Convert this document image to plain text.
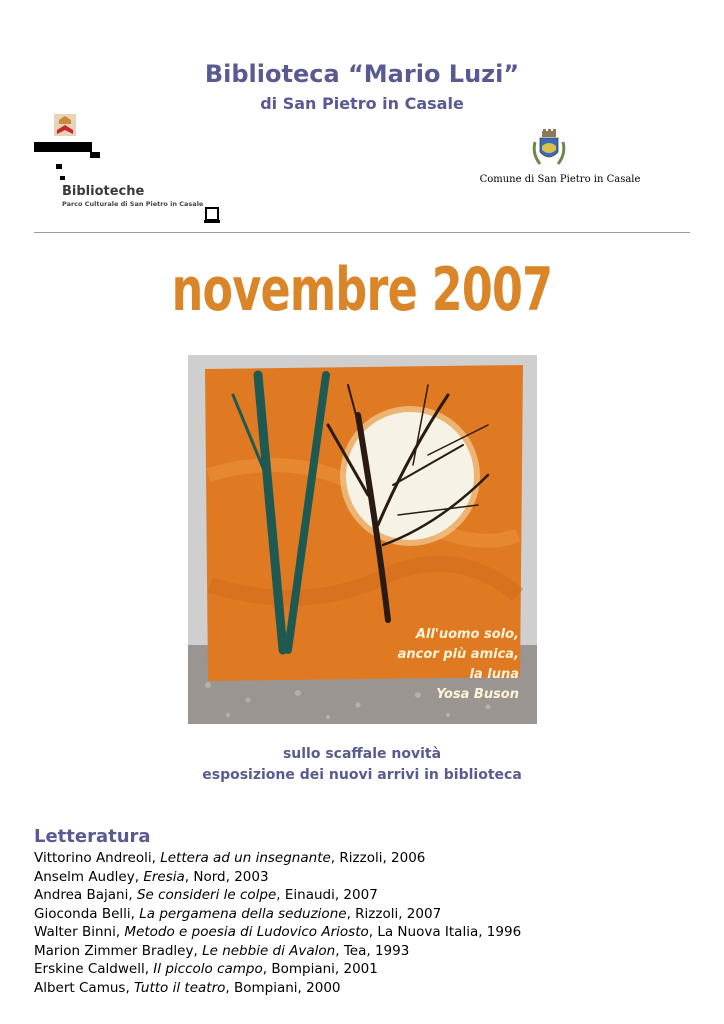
Biblioteca “Mario Luzi”
di San Pietro in Casale
Biblioteche
Parco Culturale di San Pietro in Casale
Comune di San Pietro in Casale
novembre 2007
All'uomo solo,
ancor più amica,
la luna
Yosa Buson
sullo scaffale novità
esposizione dei nuovi arrivi in biblioteca
Letteratura
Vittorino Andreoli, Lettera ad un insegnante, Rizzoli, 2006
Anselm Audley, Eresia, Nord, 2003
Andrea Bajani, Se consideri le colpe, Einaudi, 2007
Gioconda Belli, La pergamena della seduzione, Rizzoli, 2007
Walter Binni, Metodo e poesia di Ludovico Ariosto, La Nuova Italia, 1996
Marion Zimmer Bradley, Le nebbie di Avalon, Tea, 1993
Erskine Caldwell, Il piccolo campo, Bompiani, 2001
Albert Camus, Tutto il teatro, Bompiani, 2000
